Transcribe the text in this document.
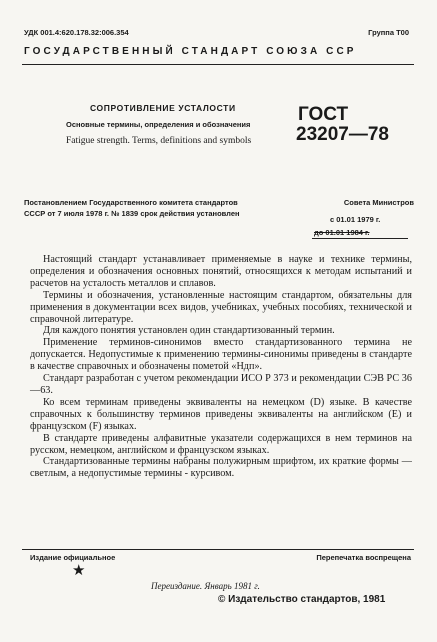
УДК 001.4:620.178.32:006.354	Группа Т00
ГОСУДАРСТВЕННЫЙ СТАНДАРТ СОЮЗА ССР
СОПРОТИВЛЕНИЕ УСТАЛОСТИ
Основные термины, определения и обозначения
Fatigue strength. Terms, definitions and symbols
ГОСТ
23207—78
Постановлением Государственного комитета стандартов	Совета Министров
СССР от 7 июля 1978 г. № 1839 срок действия установлен
с 01.01 1979 г.
до 01.01 1984 г.

Настоящий стандарт устанавливает применяемые в науке и технике термины, определения и обозначения основных понятий, относящихся к методам испытаний и расчетов на усталость металлов и сплавов.

Термины и обозначения, установленные настоящим стандартом, обязательны для применения в документации всех видов, учебниках, учебных пособиях, технической и справочной литературе.

Для каждого понятия установлен один стандартизованный термин.

Применение терминов-синонимов вместо стандартизованного термина не допускается. Недопустимые к применению термины-синонимы приведены в стандарте в качестве справочных и обозначены пометой «Ндп».

Стандарт разработан с учетом рекомендации ИСО Р 373 и рекомендации СЭВ РС 36—63.

Ко всем терминам приведены эквиваленты на немецком (D) языке. В качестве справочных к большинству терминов приведены эквиваленты на английском (Е) и французском (F) языках.

В стандарте приведены алфавитные указатели содержащихся в нем терминов на русском, немецком, английском и французском языках.

Стандартизованные термины набраны полужирным шрифтом, их краткие формы — светлым, а недопустимые термины - курсивом.

Издание официальное	Перепечатка воспрещена
★
Переиздание. Январь 1981 г.
© Издательство стандартов, 1981
